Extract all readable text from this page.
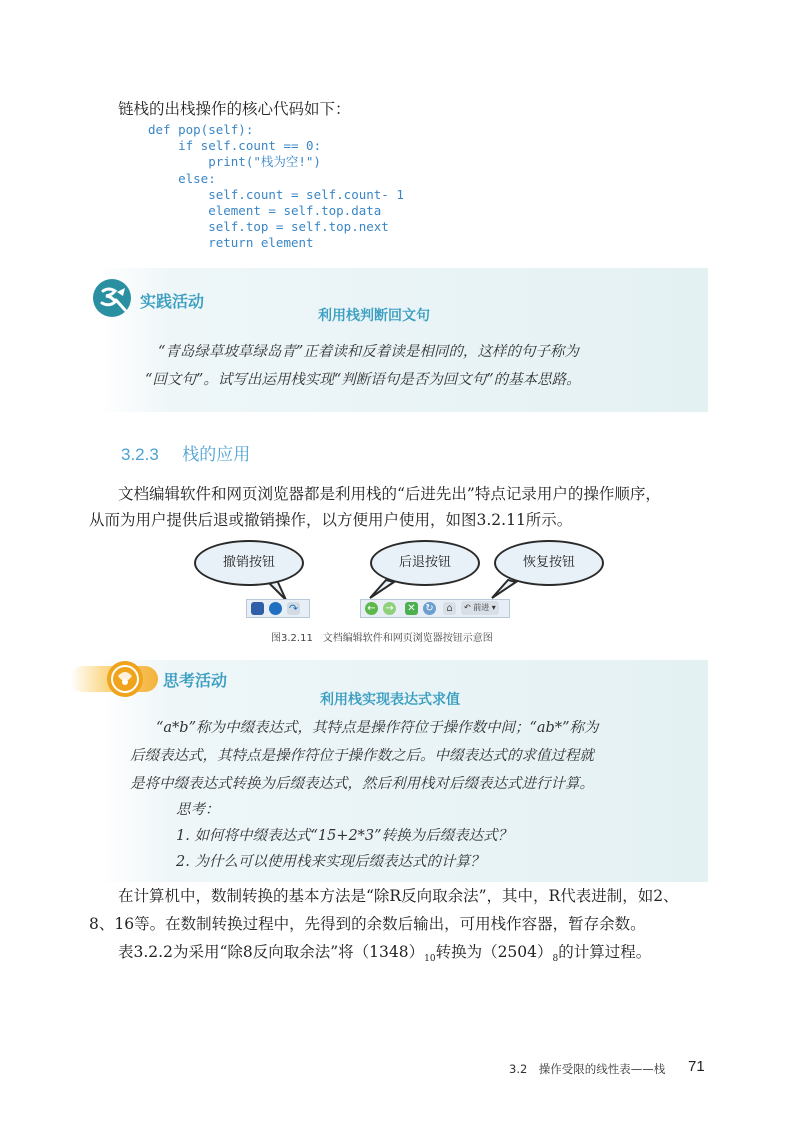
链栈的出栈操作的核心代码如下：
def pop(self):
if self.count == 0:
print("栈为空!")
else:
self.count = self.count- 1
element = self.top.data
self.top = self.top.next
return element
实践活动
利用栈判断回文句
“青岛绿草坡草绿岛青”正着读和反着读是相同的，这样的句子称为
“回文句”。试写出运用栈实现“判断语句是否为回文句”的基本思路。
3.2.3 栈的应用
文档编辑软件和网页浏览器都是利用栈的“后进先出”特点记录用户的操作顺序，
从而为用户提供后退或撤销操作，以方便用户使用，如图3.2.11所示。
撤销按钮	后退按钮	恢复按钮
↷	← → ✕ ↻	⌂	↶ 前进 ▾
图3.2.11　文档编辑软件和网页浏览器按钮示意图
思考活动
利用栈实现表达式求值
“a*b”称为中缀表达式，其特点是操作符位于操作数中间；“ab*”称为
后缀表达式，其特点是操作符位于操作数之后。中缀表达式的求值过程就
是将中缀表达式转换为后缀表达式，然后利用栈对后缀表达式进行计算。
思考：
1. 如何将中缀表达式“15+2*3”转换为后缀表达式？
2. 为什么可以使用栈来实现后缀表达式的计算？
在计算机中，数制转换的基本方法是“除R反向取余法”，其中，R代表进制，如2、
8、16等。在数制转换过程中，先得到的余数后输出，可用栈作容器，暂存余数。
表3.2.2为采用“除8反向取余法”将$(1348)_{10}$转换为$(2504)_8$的计算过程。
3.2　操作受限的线性表——栈 71
